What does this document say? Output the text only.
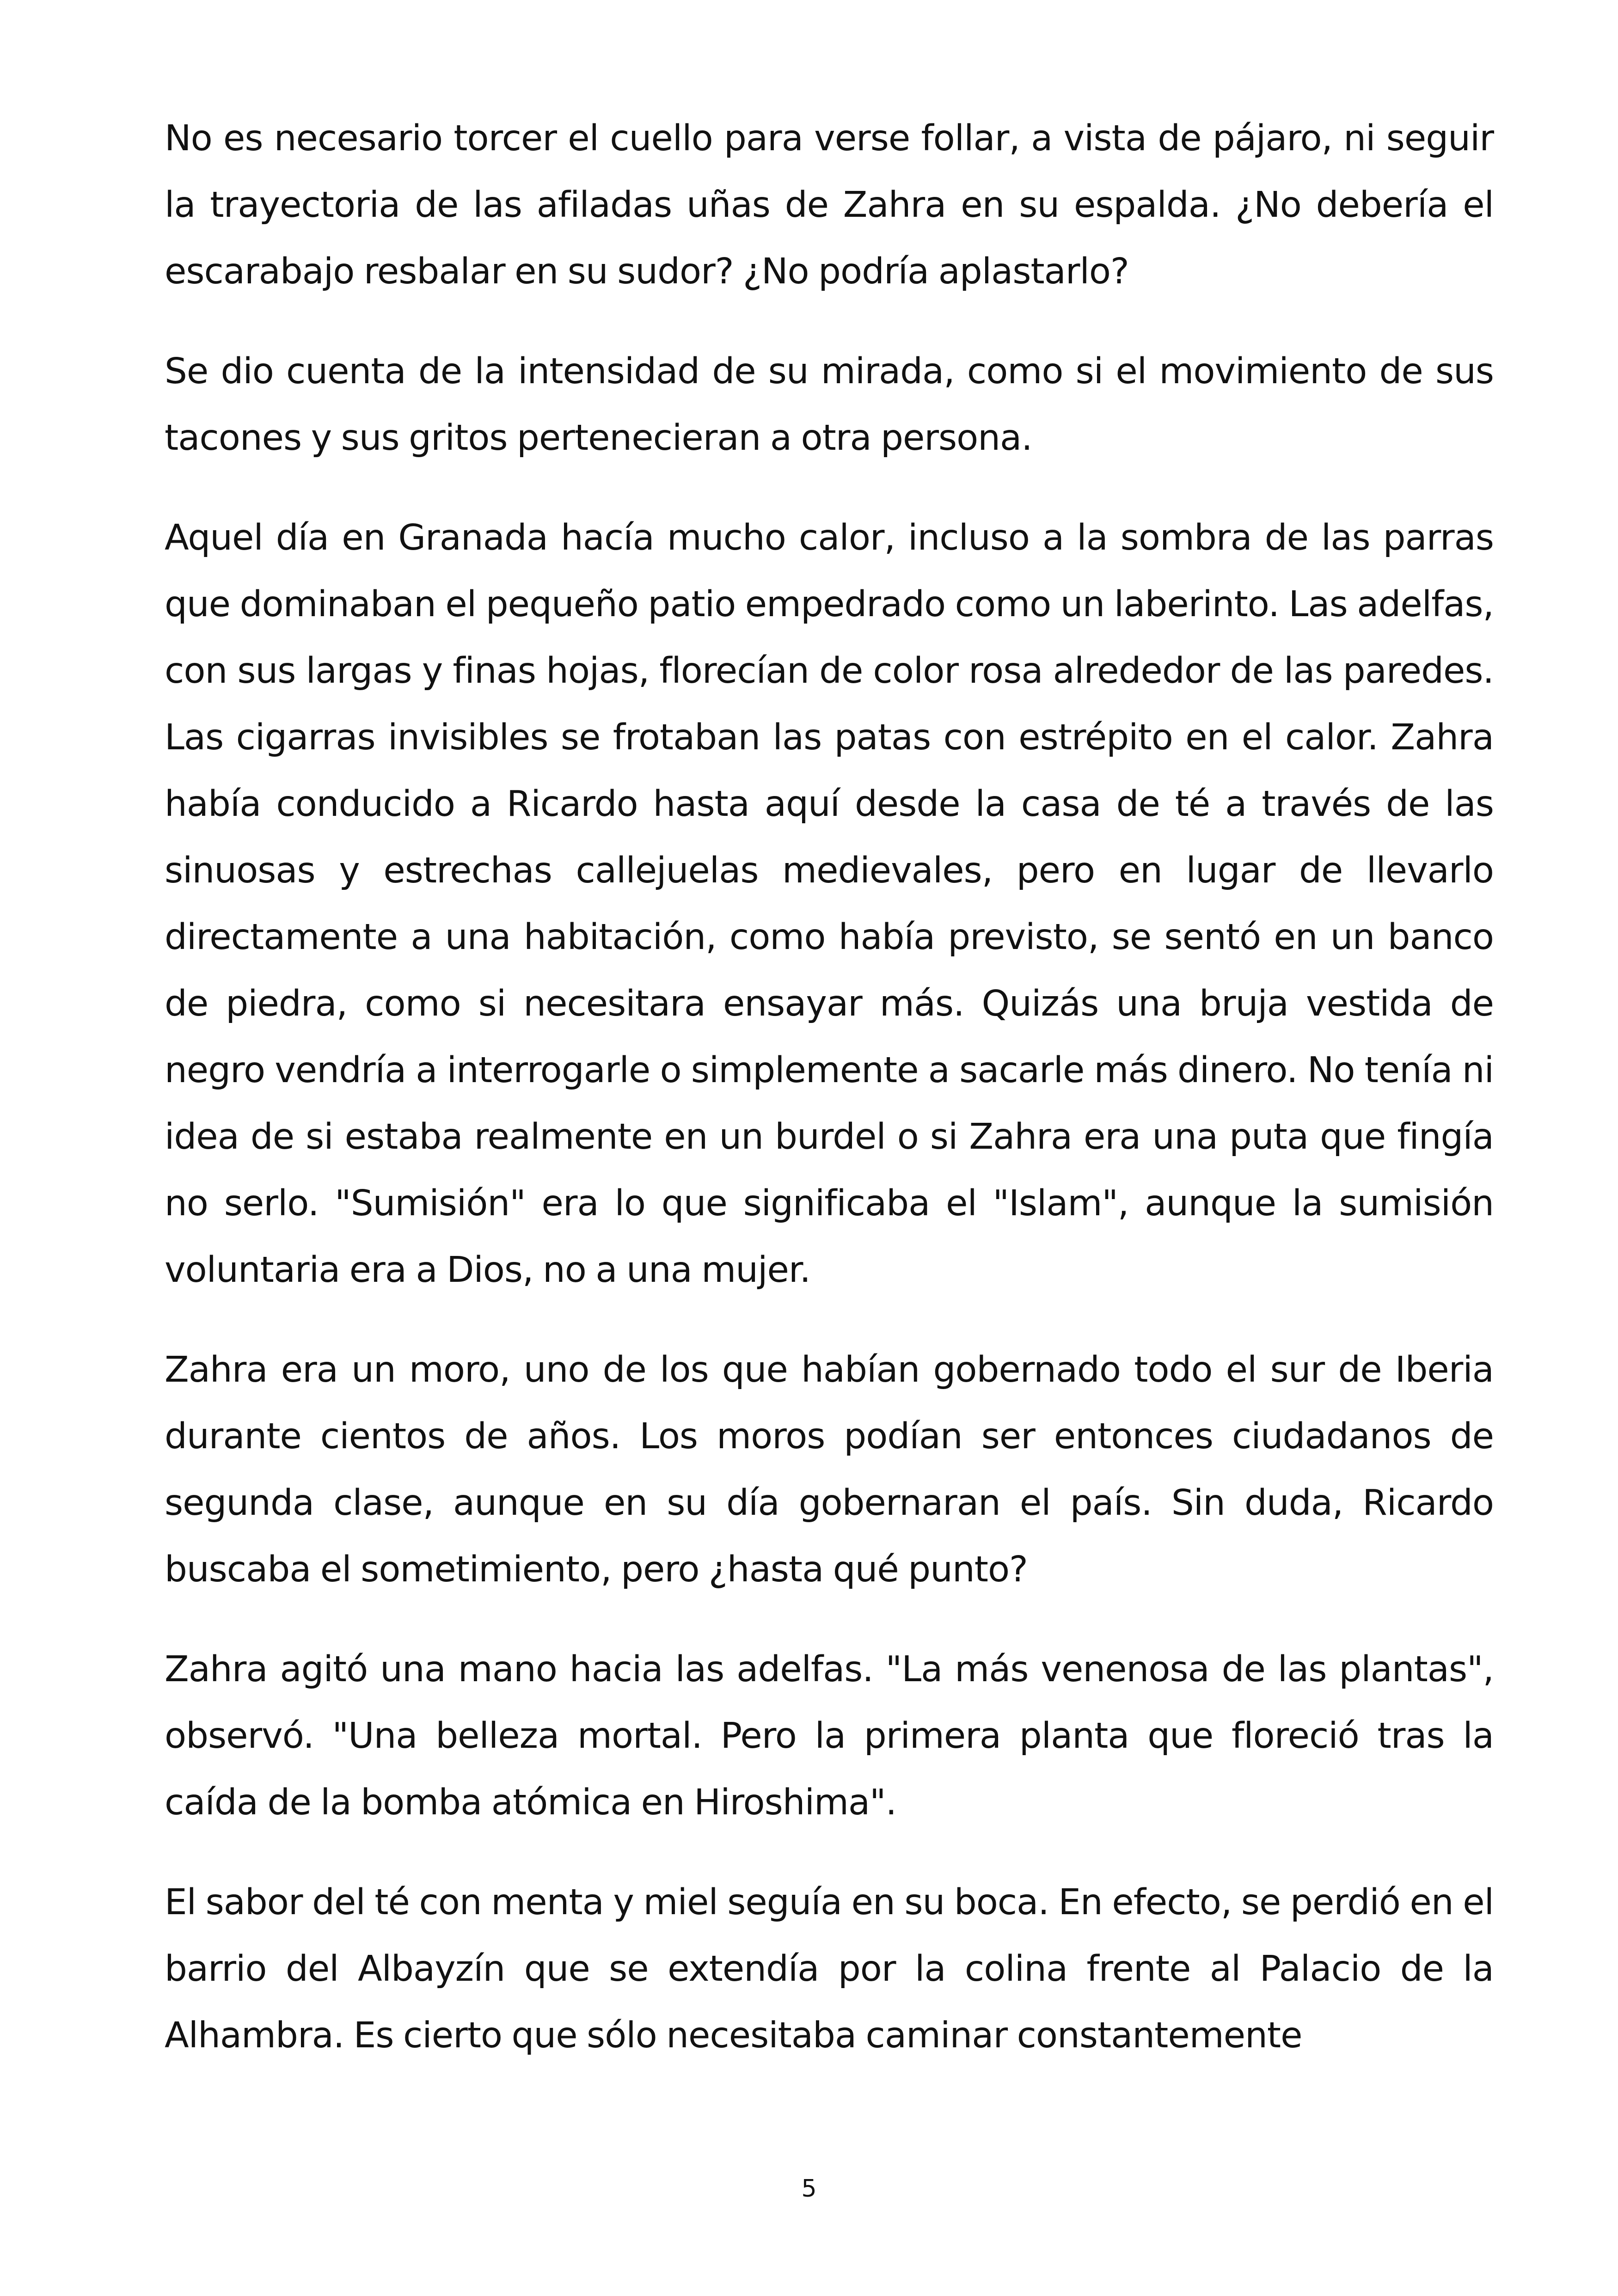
No es necesario torcer el cuello para verse follar, a vista de pájaro, ni seguir la trayectoria de las afiladas uñas de Zahra en su espalda. ¿No debería el escarabajo resbalar en su sudor? ¿No podría aplastarlo?

Se dio cuenta de la intensidad de su mirada, como si el movimiento de sus tacones y sus gritos pertenecieran a otra persona.

Aquel día en Granada hacía mucho calor, incluso a la sombra de las parras que dominaban el pequeño patio empedrado como un laberinto. Las adelfas, con sus largas y finas hojas, florecían de color rosa alrededor de las paredes. Las cigarras invisibles se frotaban las patas con estrépito en el calor. Zahra había conducido a Ricardo hasta aquí desde la casa de té a través de las sinuosas y estrechas callejuelas medievales, pero en lugar de llevarlo directamente a una habitación, como había previsto, se sentó en un banco de piedra, como si necesitara ensayar más. Quizás una bruja vestida de negro vendría a interrogarle o simplemente a sacarle más dinero. No tenía ni idea de si estaba realmente en un burdel o si Zahra era una puta que fingía no serlo. "Sumisión" era lo que significaba el "Islam", aunque la sumisión voluntaria era a Dios, no a una mujer.

Zahra era un moro, uno de los que habían gobernado todo el sur de Iberia durante cientos de años. Los moros podían ser entonces ciudadanos de segunda clase, aunque en su día gobernaran el país. Sin duda, Ricardo buscaba el sometimiento, pero ¿hasta qué punto?

Zahra agitó una mano hacia las adelfas. "La más venenosa de las plantas", observó. "Una belleza mortal. Pero la primera planta que floreció tras la caída de la bomba atómica en Hiroshima".

El sabor del té con menta y miel seguía en su boca. En efecto, se perdió en el barrio del Albayzín que se extendía por la colina frente al Palacio de la Alhambra. Es cierto que sólo necesitaba caminar constantemente

5
